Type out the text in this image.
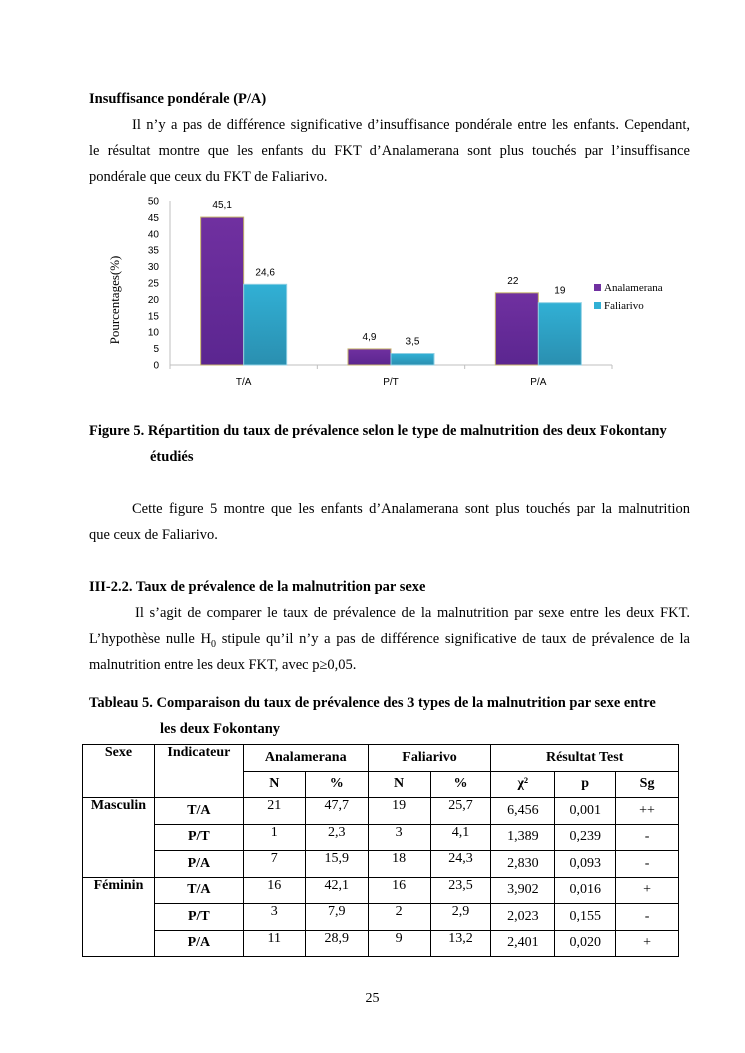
Insuffisance pondérale (P/A)
Il n’y a pas de différence significative d’insuffisance pondérale entre les enfants. Cependant,
le résultat montre que les enfants du FKT d’Analamerana sont plus touchés par l’insuffisance
pondérale que ceux du FKT de Faliarivo.
Pourcentages(%)
0
5
10
15
20
25
30
35
40
45
50	45,1
24,6
4,9	3,5
22
19
T/A	P/T	P/A
Analamerana
Faliarivo
Figure 5. Répartition du taux de prévalence selon le type de malnutrition des deux Fokontany
étudiés
Cette figure 5 montre que les enfants d’Analamerana sont plus touchés par la malnutrition
que ceux de Faliarivo.
III-2.2. Taux de prévalence de la malnutrition par sexe
Il s’agit de comparer le taux de prévalence de la malnutrition par sexe entre les deux FKT.
L’hypothèse nulle $H_0$ stipule qu’il n’y a pas de différence significative de taux de prévalence de la
malnutrition entre les deux FKT, avec p≥0,05.
Tableau 5. Comparaison du taux de prévalence des 3 types de la malnutrition par sexe entre
les deux Fokontany
Sexe	Indicateur	Analamerana		Faliarivo		Résultat Test		
		N	%	N	%	χ²	p	Sg
Masculin	T/A	21	47,7	19	25,7	6,456	0,001	++
	P/T	1	2,3	3	4,1	1,389	0,239	-
	P/A	7	15,9	18	24,3	2,830	0,093	-
Féminin	T/A	16	42,1	16	23,5	3,902	0,016	+
	P/T	3	7,9	2	2,9	2,023	0,155	-
	P/A	11	28,9	9	13,2	2,401	0,020	+
25
